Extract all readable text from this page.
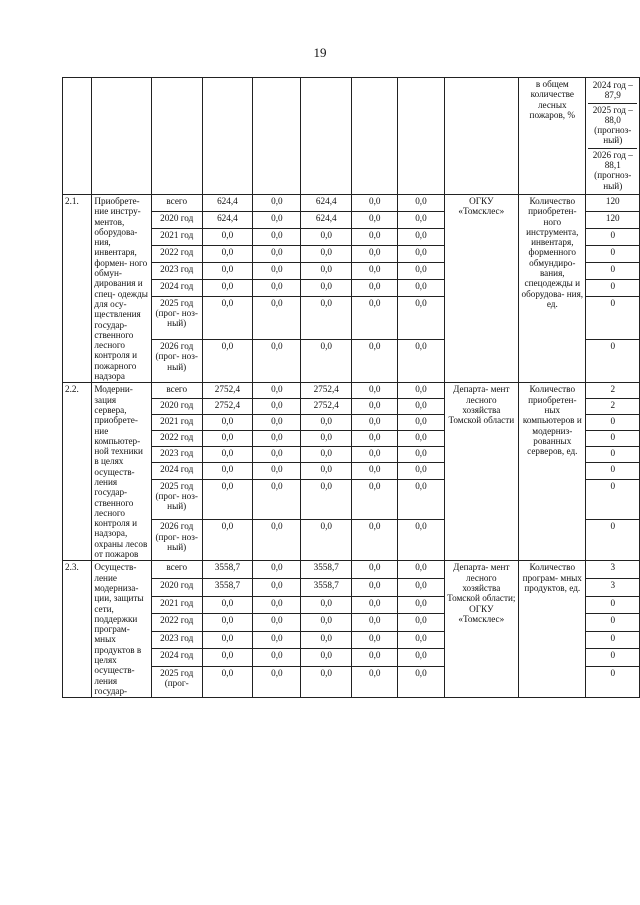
19
									в общем количестве лесных пожаров, %	2024 год – 87,9
2025 год – 88,0 (прогноз- ный)
2026 год – 88,1 (прогноз- ный)

2.1.	Приобрете- ние инстру- ментов, оборудова- ния, инвентаря, формен- ного обмун- дирования и спец- одежды для осу- ществления государ- ственного лесного контроля и пожарного надзора	всего	624,4	0,0	624,4	0,0	0,0	ОГКУ «Томсклес»	Количество приобретен- ного инструмента, инвентаря, форменного обмундиро- вания, спецодежды и оборудова- ния, ед.	120
		2020 год	624,4	0,0	624,4	0,0	0,0			120
		2021 год	0,0	0,0	0,0	0,0	0,0			0
		2022 год	0,0	0,0	0,0	0,0	0,0			0
		2023 год	0,0	0,0	0,0	0,0	0,0			0
		2024 год	0,0	0,0	0,0	0,0	0,0			0
		2025 год (прог- ноз- ный)	0,0	0,0	0,0	0,0	0,0			0
		2026 год (прог- ноз- ный)	0,0	0,0	0,0	0,0	0,0			0
2.2.	Модерни- зация сервера, приобрете- ние компьютер- ной техники в целях осуществ- ления государ- ственного лесного контроля и надзора, охраны лесов от пожаров	всего	2752,4	0,0	2752,4	0,0	0,0	Департа- мент лесного хозяйства Томской области	Количество приобретен- ных компьютеров и модерниз- рованных серверов, ед.	2
		2020 год	2752,4	0,0	2752,4	0,0	0,0			2
		2021 год	0,0	0,0	0,0	0,0	0,0			0
		2022 год	0,0	0,0	0,0	0,0	0,0			0
		2023 год	0,0	0,0	0,0	0,0	0,0			0
		2024 год	0,0	0,0	0,0	0,0	0,0			0
		2025 год (прог- ноз- ный)	0,0	0,0	0,0	0,0	0,0			0
		2026 год (прог- ноз- ный)	0,0	0,0	0,0	0,0	0,0			0
2.3.	Осуществ- ление модерниза- ции, защиты сети, поддержки програм- мных продуктов в целях осуществ- ления государ-	всего	3558,7	0,0	3558,7	0,0	0,0	Департа- мент лесного хозяйства Томской области; ОГКУ «Томсклес»	Количество програм- мных продуктов, ед.	3
		2020 год	3558,7	0,0	3558,7	0,0	0,0			3
		2021 год	0,0	0,0	0,0	0,0	0,0			0
		2022 год	0,0	0,0	0,0	0,0	0,0			0
		2023 год	0,0	0,0	0,0	0,0	0,0			0
		2024 год	0,0	0,0	0,0	0,0	0,0			0
		2025 год (прог-	0,0	0,0	0,0	0,0	0,0			0
